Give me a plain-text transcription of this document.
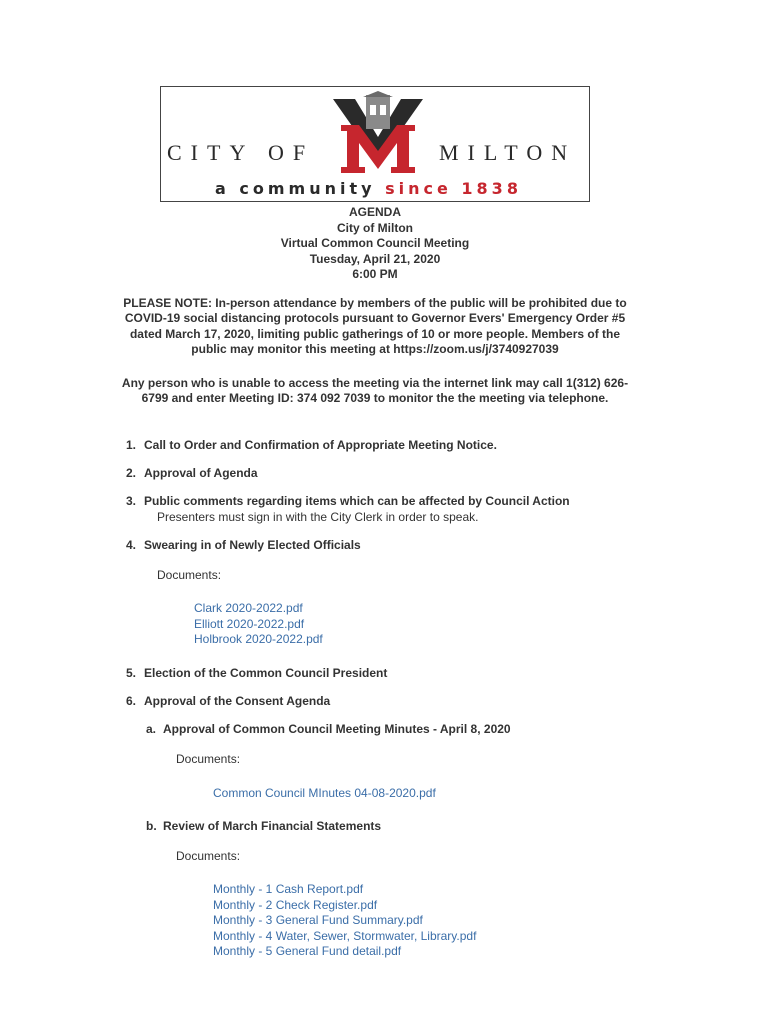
CITY OF	MILTON
a community since 1838
AGENDA
City of Milton
Virtual Common Council Meeting
Tuesday, April 21, 2020
6:00 PM
PLEASE NOTE: In-person attendance by members of the public will be prohibited due to
COVID-19 social distancing protocols pursuant to Governor Evers' Emergency Order #5
dated March 17, 2020, limiting public gatherings of 10 or more people. Members of the
public may monitor this meeting at https://zoom.us/j/3740927039
Any person who is unable to access the meeting via the internet link may call 1(312) 626-
6799 and enter Meeting ID: 374 092 7039 to monitor the the meeting via telephone.
1. Call to Order and Confirmation of Appropriate Meeting Notice.
2. Approval of Agenda
3. Public comments regarding items which can be affected by Council Action
Presenters must sign in with the City Clerk in order to speak.
4. Swearing in of Newly Elected Officials
Documents:
Clark 2020-2022.pdf
Elliott 2020-2022.pdf
Holbrook 2020-2022.pdf
5. Election of the Common Council President
6. Approval of the Consent Agenda
a. Approval of Common Council Meeting Minutes - April 8, 2020
Documents:
Common Council MInutes 04-08-2020.pdf
b. Review of March Financial Statements
Documents:
Monthly - 1 Cash Report.pdf
Monthly - 2 Check Register.pdf
Monthly - 3 General Fund Summary.pdf
Monthly - 4 Water, Sewer, Stormwater, Library.pdf
Monthly - 5 General Fund detail.pdf
